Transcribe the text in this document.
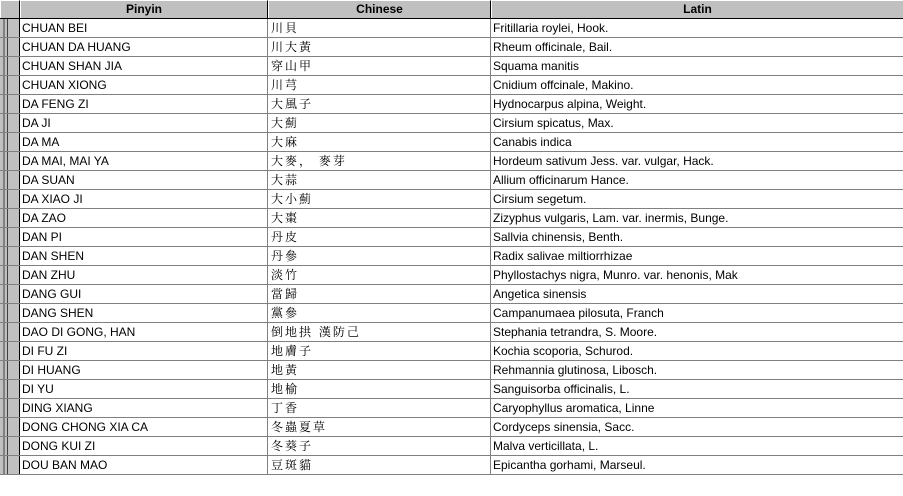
Pinyin	Chinese	Latin
CHUAN BEI	川貝	Fritillaria roylei, Hook.
CHUAN DA HUANG	川大黃	Rheum officinale, Bail.
CHUAN SHAN JIA	穿山甲	Squama manitis
CHUAN XIONG	川芎	Cnidium offcinale, Makino.
DA FENG ZI	大風子	Hydnocarpus alpina, Weight.
DA JI	大薊	Cirsium spicatus, Max.
DA MA	大麻	Canabis indica
DA MAI, MAI YA	大麥， 麥芽	Hordeum sativum Jess. var. vulgar, Hack.
DA SUAN	大蒜	Allium officinarum Hance.
DA XIAO JI	大小薊	Cirsium segetum.
DA ZAO	大棗	Zizyphus vulgaris, Lam. var. inermis, Bunge.
DAN PI	丹皮	Sallvia chinensis, Benth.
DAN SHEN	丹參	Radix salivae miltiorrhizae
DAN ZHU	淡竹	Phyllostachys nigra, Munro. var. henonis, Mak
DANG GUI	當歸	Angetica sinensis
DANG SHEN	黨參	Campanumaea pilosuta, Franch
DAO DI GONG, HAN	倒地拱 漢防己	Stephania tetrandra, S. Moore.
DI FU ZI	地膚子	Kochia scoporia, Schurod.
DI HUANG	地黃	Rehmannia glutinosa, Libosch.
DI YU	地榆	Sanguisorba officinalis, L.
DING XIANG	丁香	Caryophyllus aromatica, Linne
DONG CHONG XIA CA	冬蟲夏草	Cordyceps sinensia, Sacc.
DONG KUI ZI	冬葵子	Malva verticillata, L.
DOU BAN MAO	豆斑貓	Epicantha gorhami, Marseul.
